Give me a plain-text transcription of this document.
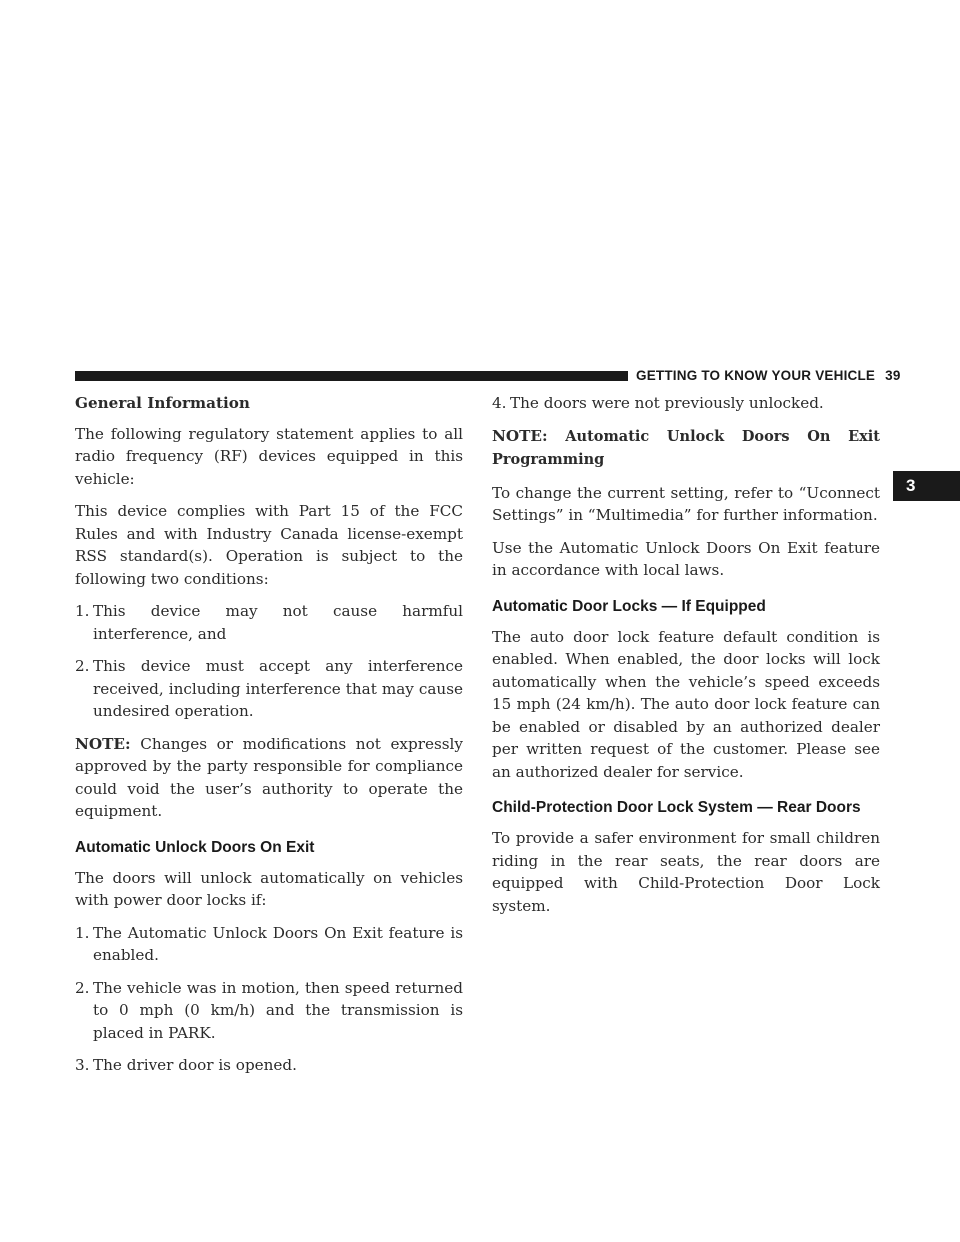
GETTING TO KNOW YOUR VEHICLE 39
3
General Information

The following regulatory statement applies to all radio frequency (RF) devices equipped in this vehicle:

This device complies with Part 15 of the FCC Rules and with Industry Canada license-exempt RSS standard(s). Operation is subject to the following two conditions:

1. This device may not cause harmful interference, and
2. This device must accept any interference received, including interference that may cause undesired operation.

NOTE: Changes or modifications not expressly approved by the party responsible for compliance could void the user’s authority to operate the equipment.

Automatic Unlock Doors On Exit

The doors will unlock automatically on vehicles with power door locks if:

1. The Automatic Unlock Doors On Exit feature is enabled.
2. The vehicle was in motion, then speed returned to 0 mph (0 km/h) and the transmission is placed in PARK.
3. The driver door is opened.
4. The doors were not previously unlocked.

NOTE: Automatic Unlock Doors On Exit Programming

To change the current setting, refer to “Uconnect Settings” in “Multimedia” for further information.

Use the Automatic Unlock Doors On Exit feature in accordance with local laws.

Automatic Door Locks — If Equipped

The auto door lock feature default condition is enabled. When enabled, the door locks will lock automatically when the vehicle’s speed exceeds 15 mph (24 km/h). The auto door lock feature can be enabled or disabled by an authorized dealer per written request of the customer. Please see an authorized dealer for service.

Child-Protection Door Lock System — Rear Doors

To provide a safer environment for small children riding in the rear seats, the rear doors are equipped with Child-Protection Door Lock system.
